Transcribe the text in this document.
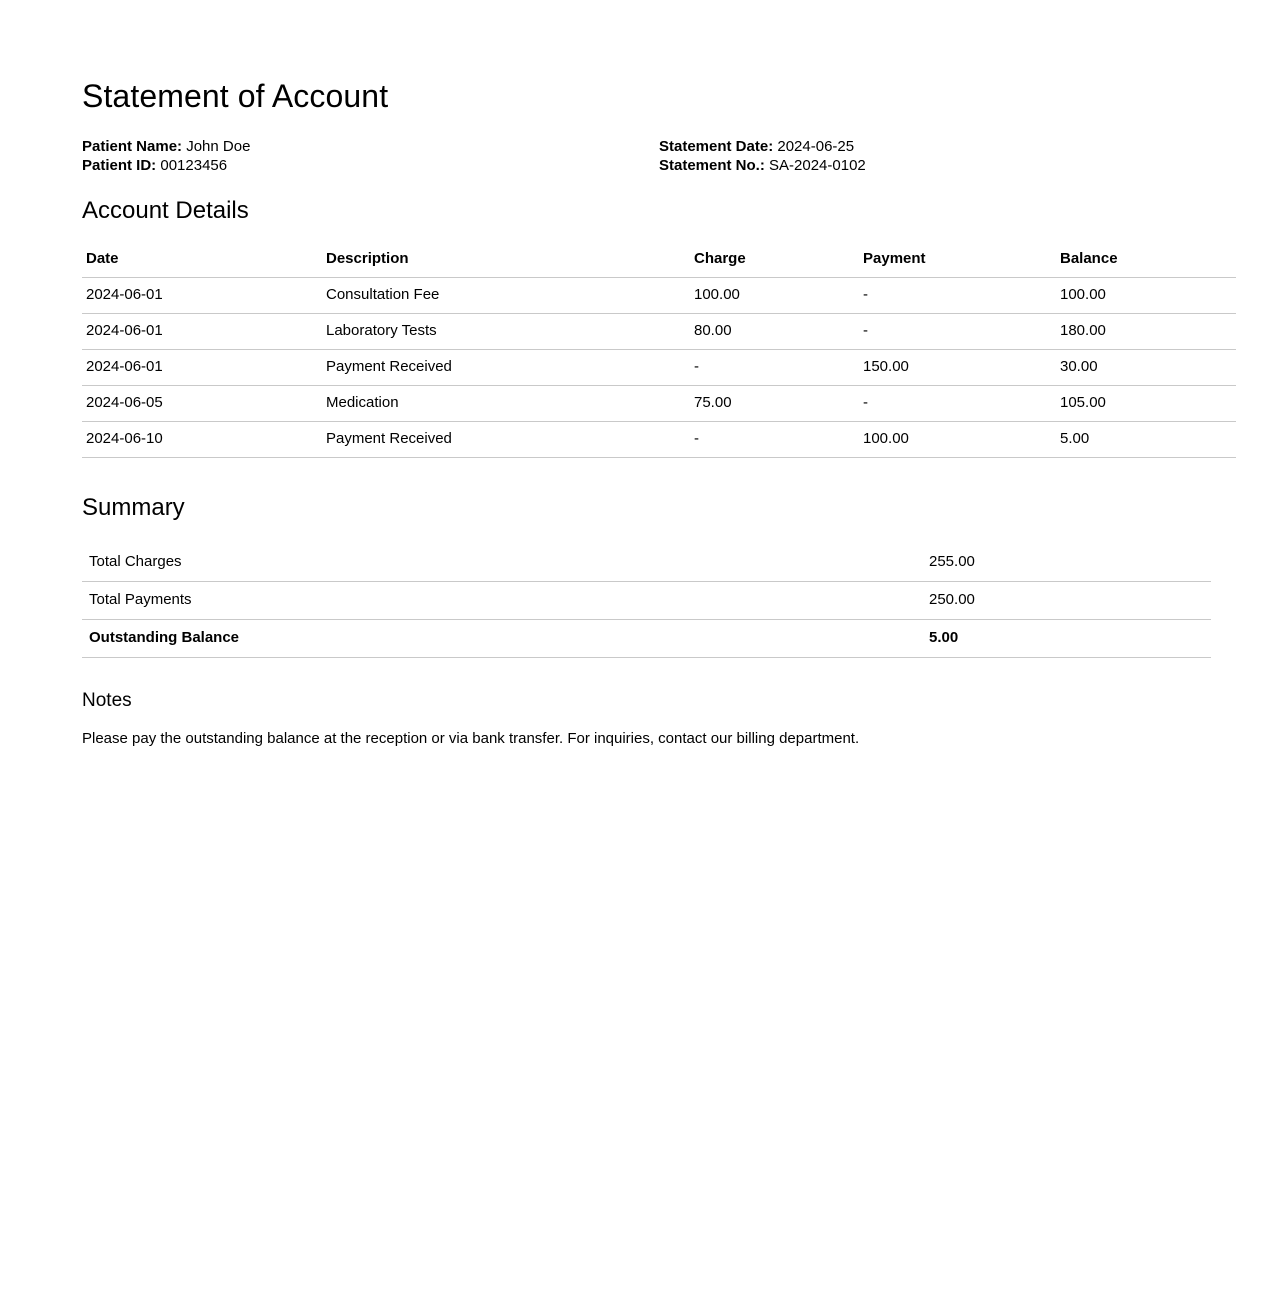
Statement of Account
Patient Name: John Doe
Patient ID: 00123456
Statement Date: 2024-06-25
Statement No.: SA-2024-0102
Account Details
Date	Description	Charge	Payment	Balance
2024-06-01	Consultation Fee	100.00	-	100.00
2024-06-01	Laboratory Tests	80.00	-	180.00
2024-06-01	Payment Received	-	150.00	30.00
2024-06-05	Medication	75.00	-	105.00
2024-06-10	Payment Received	-	100.00	5.00
Summary
Total Charges	255.00
Total Payments	250.00
Outstanding Balance	5.00
Notes

Please pay the outstanding balance at the reception or via bank transfer. For inquiries, contact our billing department.
